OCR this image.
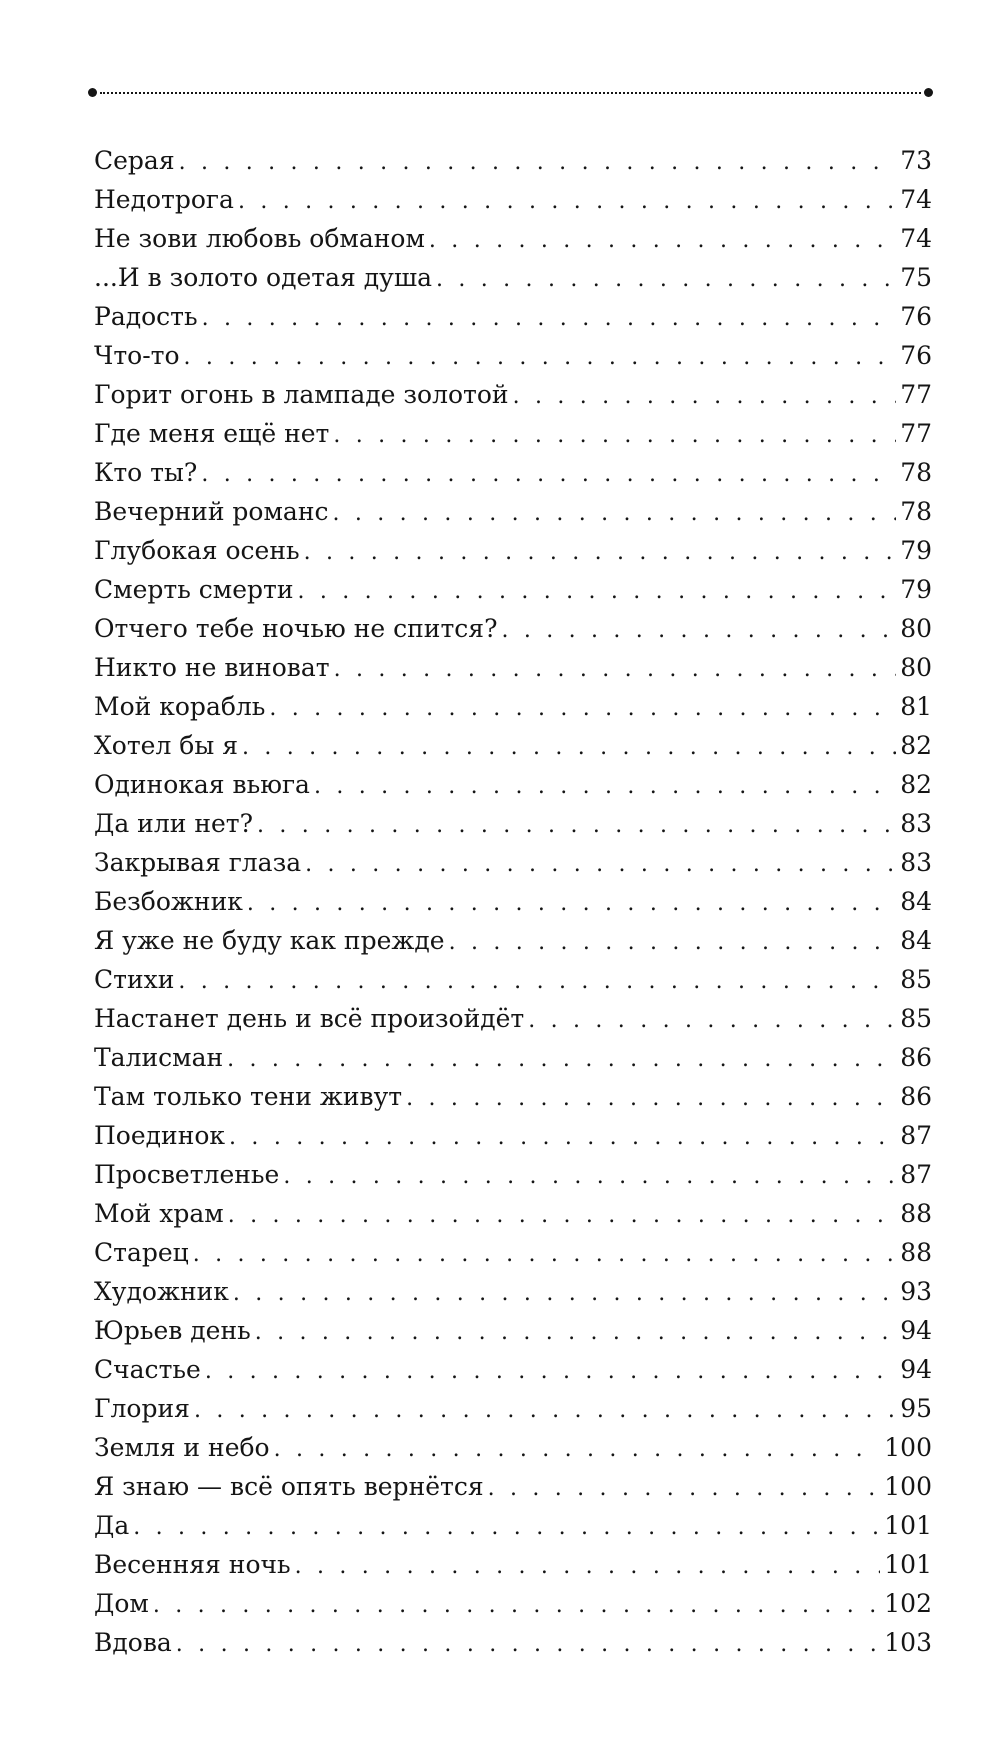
Серая . . .	73
Недотрога . . .	74
Не зови любовь обманом . . .	74
...И в золото одетая душа . . .	75
Радость . . .	76
Что-то . . .	76
Горит огонь в лампаде золотой . . .	77
Где меня ещё нет . . .	77
Кто ты? . . .	78
Вечерний романс . . .	78
Глубокая осень . . .	79
Смерть смерти . . .	79
Отчего тебе ночью не спится? . . .	80
Никто не виноват . . .	80
Мой корабль . . .	81
Хотел бы я . . .	82
Одинокая вьюга . . .	82
Да или нет? . . .	83
Закрывая глаза . . .	83
Безбожник . . .	84
Я уже не буду как прежде . . .	84
Стихи . . .	85
Настанет день и всё произойдёт . . .	85
Талисман . . .	86
Там только тени живут . . .	86
Поединок . . .	87
Просветленье . . .	87
Мой храм . . .	88
Старец . . .	88
Художник . . .	93
Юрьев день . . .	94
Счастье . . .	94
Глория . . .	95
Земля и небо . . .	100
Я знаю — всё опять вернётся . . .	100
Да . . .	101
Весенняя ночь . . .	101
Дом . . .	102
Вдова . . .	103
